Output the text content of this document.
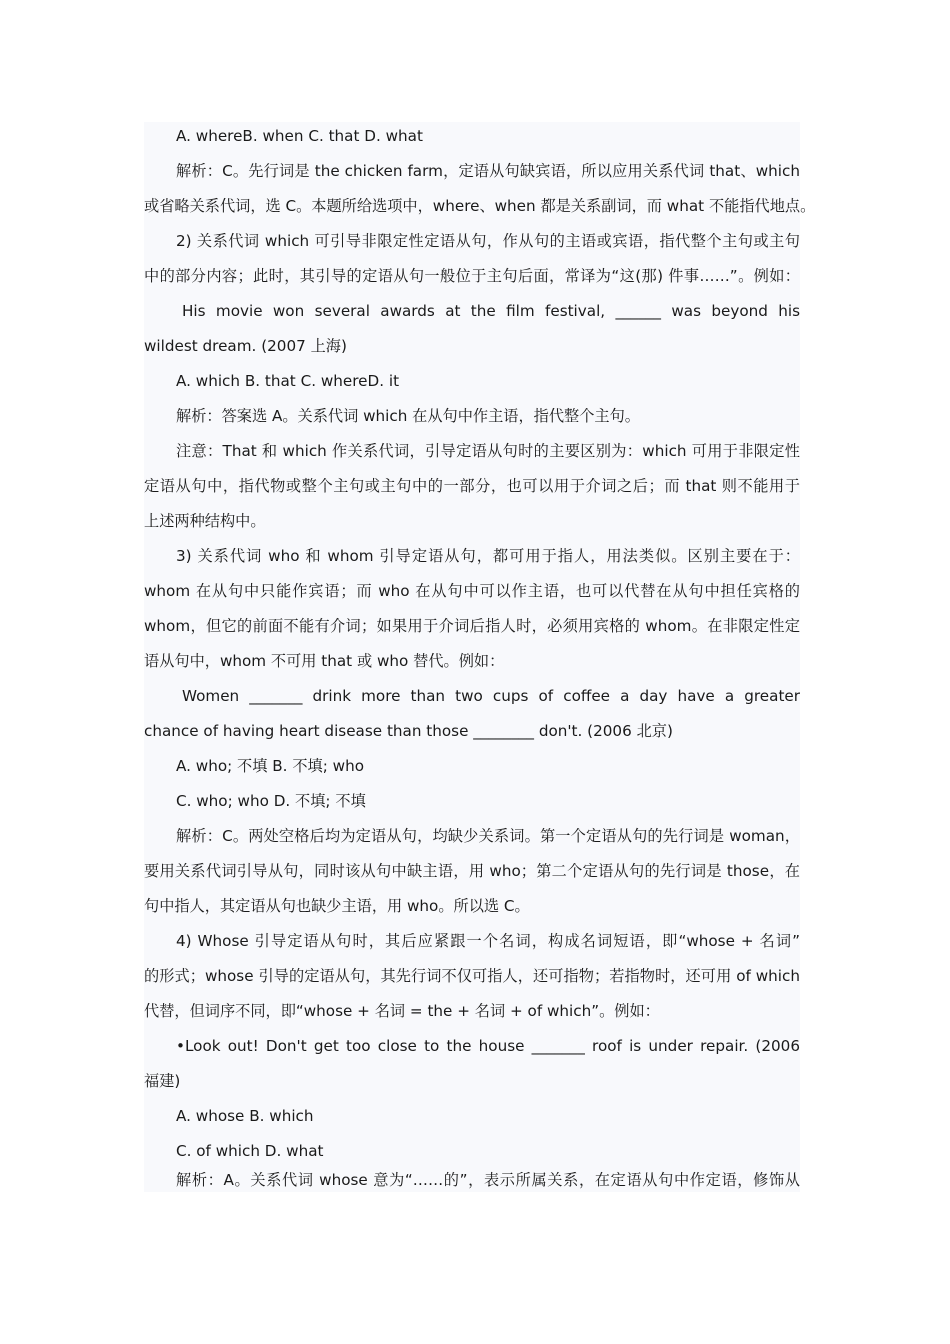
A. whereB. when C. that D. what
解析：C。先行词是 the chicken farm，定语从句缺宾语，所以应用关系代词 that、which
或省略关系代词，选 C。本题所给选项中，where、when 都是关系副词，而 what 不能指代地点。
2) 关系代词 which 可引导非限定性定语从句，作从句的主语或宾语，指代整个主句或主句
中的部分内容；此时，其引导的定语从句一般位于主句后面，常译为“这(那) 件事……”。例如：
His movie won several awards at the film festival, ______ was beyond his
wildest dream. (2007 上海)
A. which B. that C. whereD. it
解析：答案选 A。关系代词 which 在从句中作主语，指代整个主句。
注意：That 和 which 作关系代词，引导定语从句时的主要区别为：which 可用于非限定性
定语从句中，指代物或整个主句或主句中的一部分，也可以用于介词之后；而 that 则不能用于
上述两种结构中。
3) 关系代词 who 和 whom 引导定语从句，都可用于指人，用法类似。区别主要在于：
whom 在从句中只能作宾语；而 who 在从句中可以作主语，也可以代替在从句中担任宾格的
whom，但它的前面不能有介词；如果用于介词后指人时，必须用宾格的 whom。在非限定性定
语从句中，whom 不可用 that 或 who 替代。例如：
Women _______ drink more than two cups of coffee a day have a greater
chance of having heart disease than those ________ don't. (2006 北京)
A. who; 不填 B. 不填; who
C. who; who D. 不填; 不填
解析：C。两处空格后均为定语从句，均缺少关系词。第一个定语从句的先行词是 woman，
要用关系代词引导从句，同时该从句中缺主语，用 who；第二个定语从句的先行词是 those，在
句中指人，其定语从句也缺少主语，用 who。所以选 C。
4) Whose 引导定语从句时，其后应紧跟一个名词，构成名词短语，即“whose + 名词”
的形式；whose 引导的定语从句，其先行词不仅可指人，还可指物；若指物时，还可用 of which
代替，但词序不同，即“whose + 名词 = the + 名词 + of which”。例如：
•Look out! Don't get too close to the house _______ roof is under repair. (2006
福建)
A. whose B. which
C. of which D. what
解析：A。关系代词 whose 意为“……的”，表示所属关系，在定语从句中作定语，修饰从
